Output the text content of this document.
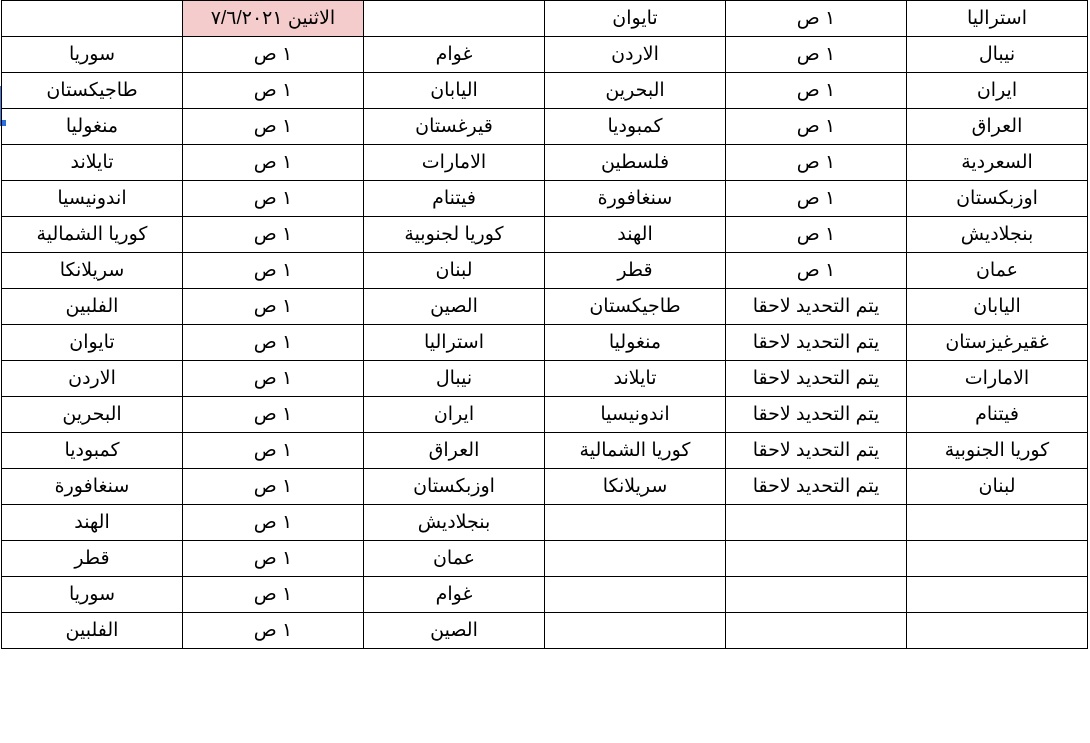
	الاثنين ٧/٦/٢٠٢١		تايوان	١ ص	استراليا
سوريا	١ ص	غوام	الاردن	١ ص	نيبال
طاجيكستان	١ ص	اليابان	البحرين	١ ص	ايران
منغوليا	١ ص	قيرغستان	كمبوديا	١ ص	العراق
تايلاند	١ ص	الامارات	فلسطين	١ ص	السعردية
اندونيسيا	١ ص	فيتنام	سنغافورة	١ ص	اوزبكستان
كوريا الشمالية	١ ص	كوريا لجنوبية	الهند	١ ص	بنجلاديش
سريلانكا	١ ص	لبنان	قطر	١ ص	عمان
الفلبين	١ ص	الصين	طاجيكستان	يتم التحديد لاحقا	اليابان
تايوان	١ ص	استراليا	منغوليا	يتم التحديد لاحقا	غقيرغيزستان
الاردن	١ ص	نيبال	تايلاند	يتم التحديد لاحقا	الامارات
البحرين	١ ص	ايران	اندونيسيا	يتم التحديد لاحقا	فيتنام
كمبوديا	١ ص	العراق	كوريا الشمالية	يتم التحديد لاحقا	كوريا الجنوبية
سنغافورة	١ ص	اوزبكستان	سريلانكا	يتم التحديد لاحقا	لبنان
الهند	١ ص	بنجلاديش			
قطر	١ ص	عمان			
سوريا	١ ص	غوام			
الفلبين	١ ص	الصين			
